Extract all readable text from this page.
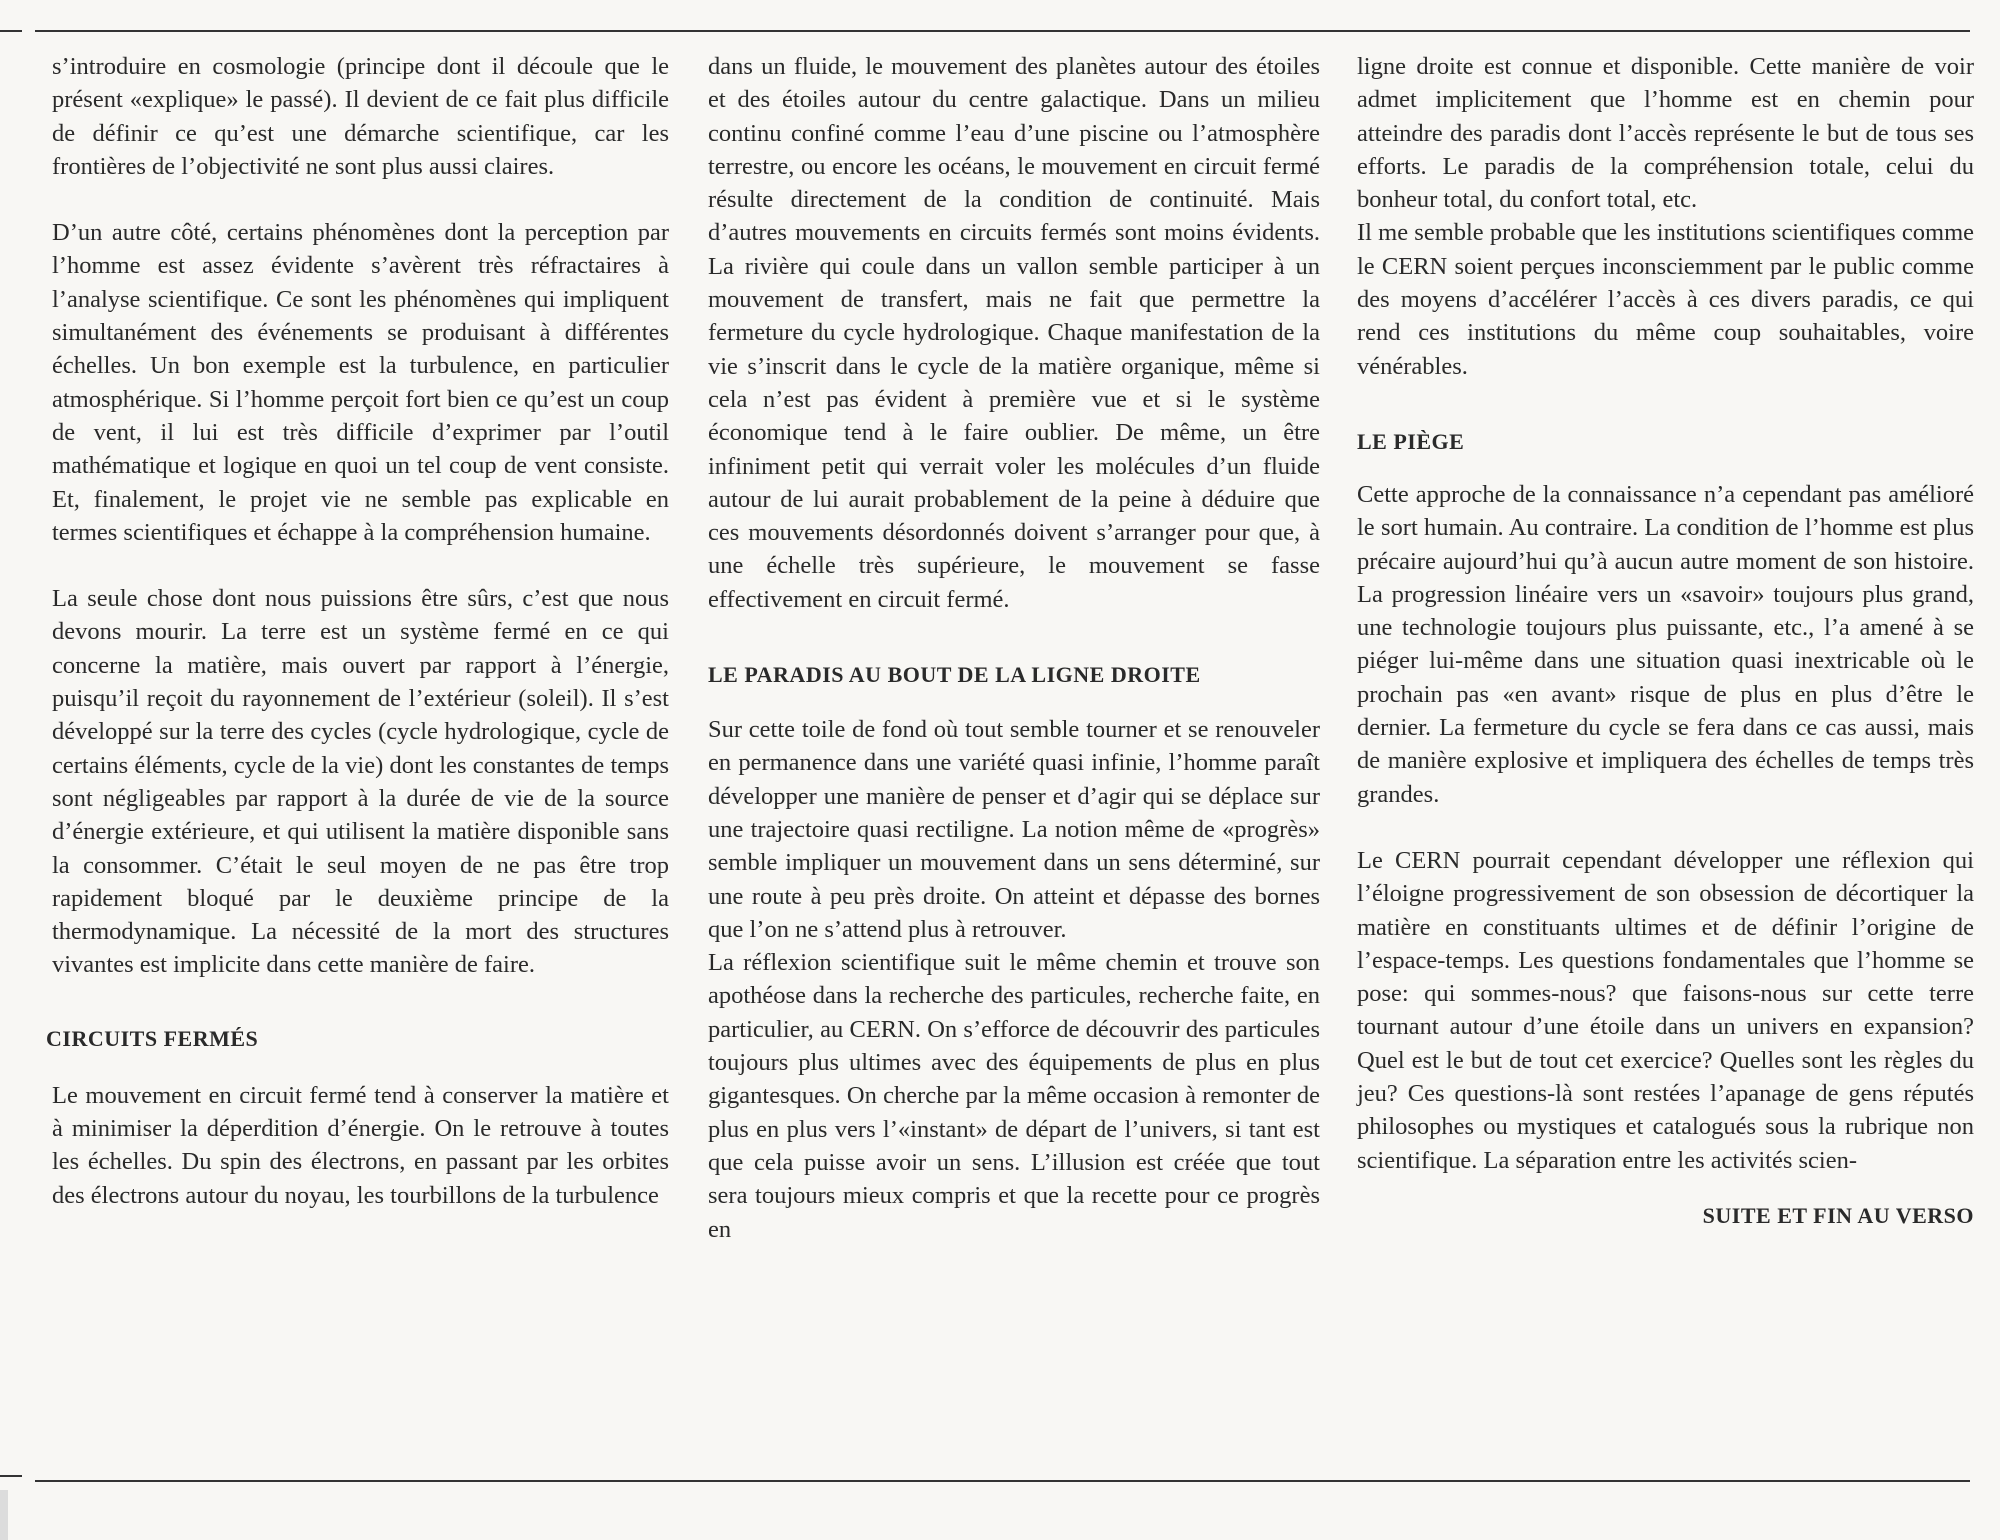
s’introduire en cosmologie (principe dont il découle que le présent «explique» le passé). Il devient de ce fait plus difficile de définir ce qu’est une démarche scientifique, car les frontières de l’objectivité ne sont plus aussi claires.

D’un autre côté, certains phénomènes dont la perception par l’homme est assez évidente s’avèrent très réfractaires à l’analyse scientifique. Ce sont les phénomènes qui impliquent simultanément des événements se produisant à différentes échelles. Un bon exemple est la turbulence, en particulier atmosphérique. Si l’homme perçoit fort bien ce qu’est un coup de vent, il lui est très difficile d’exprimer par l’outil mathématique et logique en quoi un tel coup de vent consiste. Et, finalement, le projet vie ne semble pas explicable en termes scientifiques et échappe à la compréhension humaine.

La seule chose dont nous puissions être sûrs, c’est que nous devons mourir. La terre est un système fermé en ce qui concerne la matière, mais ouvert par rapport à l’énergie, puisqu’il reçoit du rayonnement de l’extérieur (soleil). Il s’est développé sur la terre des cycles (cycle hydrologique, cycle de certains éléments, cycle de la vie) dont les constantes de temps sont négligeables par rapport à la durée de vie de la source d’énergie extérieure, et qui utilisent la matière disponible sans la consommer. C’était le seul moyen de ne pas être trop rapidement bloqué par le deuxième principe de la thermodynamique. La nécessité de la mort des structures vivantes est implicite dans cette manière de faire.

CIRCUITS FERMÉS

Le mouvement en circuit fermé tend à conserver la matière et à minimiser la déperdition d’énergie. On le retrouve à toutes les échelles. Du spin des électrons, en passant par les orbites des électrons autour du noyau, les tourbillons de la turbulence

dans un fluide, le mouvement des planètes autour des étoiles et des étoiles autour du centre galactique. Dans un milieu continu confiné comme l’eau d’une piscine ou l’atmosphère terrestre, ou encore les océans, le mouvement en circuit fermé résulte directement de la condition de continuité. Mais d’autres mouvements en circuits fermés sont moins évidents. La rivière qui coule dans un vallon semble participer à un mouvement de transfert, mais ne fait que permettre la fermeture du cycle hydrologique. Chaque manifestation de la vie s’inscrit dans le cycle de la matière organique, même si cela n’est pas évident à première vue et si le système économique tend à le faire oublier. De même, un être infiniment petit qui verrait voler les molécules d’un fluide autour de lui aurait probablement de la peine à déduire que ces mouvements désordonnés doivent s’arranger pour que, à une échelle très supérieure, le mouvement se fasse effectivement en circuit fermé.

LE PARADIS AU BOUT DE LA LIGNE DROITE

Sur cette toile de fond où tout semble tourner et se renouveler en permanence dans une variété quasi infinie, l’homme paraît développer une manière de penser et d’agir qui se déplace sur une trajectoire quasi rectiligne. La notion même de «progrès» semble impliquer un mouvement dans un sens déterminé, sur une route à peu près droite. On atteint et dépasse des bornes que l’on ne s’attend plus à retrouver.

La réflexion scientifique suit le même chemin et trouve son apothéose dans la recherche des particules, recherche faite, en particulier, au CERN. On s’efforce de découvrir des particules toujours plus ultimes avec des équipements de plus en plus gigantesques. On cherche par la même occasion à remonter de plus en plus vers l’«instant» de départ de l’univers, si tant est que cela puisse avoir un sens. L’illusion est créée que tout sera toujours mieux compris et que la recette pour ce progrès en

ligne droite est connue et disponible. Cette manière de voir admet implicitement que l’homme est en chemin pour atteindre des paradis dont l’accès représente le but de tous ses efforts. Le paradis de la compréhension totale, celui du bonheur total, du confort total, etc.

Il me semble probable que les institutions scientifiques comme le CERN soient perçues inconsciemment par le public comme des moyens d’accélérer l’accès à ces divers paradis, ce qui rend ces institutions du même coup souhaitables, voire vénérables.

LE PIÈGE

Cette approche de la connaissance n’a cependant pas amélioré le sort humain. Au contraire. La condition de l’homme est plus précaire aujourd’hui qu’à aucun autre moment de son histoire. La progression linéaire vers un «savoir» toujours plus grand, une technologie toujours plus puissante, etc., l’a amené à se piéger lui-même dans une situation quasi inextricable où le prochain pas «en avant» risque de plus en plus d’être le dernier. La fermeture du cycle se fera dans ce cas aussi, mais de manière explosive et impliquera des échelles de temps très grandes.

Le CERN pourrait cependant développer une réflexion qui l’éloigne progressivement de son obsession de décortiquer la matière en constituants ultimes et de définir l’origine de l’espace-temps. Les questions fondamentales que l’homme se pose: qui sommes-nous? que faisons-nous sur cette terre tournant autour d’une étoile dans un univers en expansion? Quel est le but de tout cet exercice? Quelles sont les règles du jeu? Ces questions-là sont restées l’apanage de gens réputés philosophes ou mystiques et catalogués sous la rubrique non scientifique. La séparation entre les activités scien-

SUITE ET FIN AU VERSO
